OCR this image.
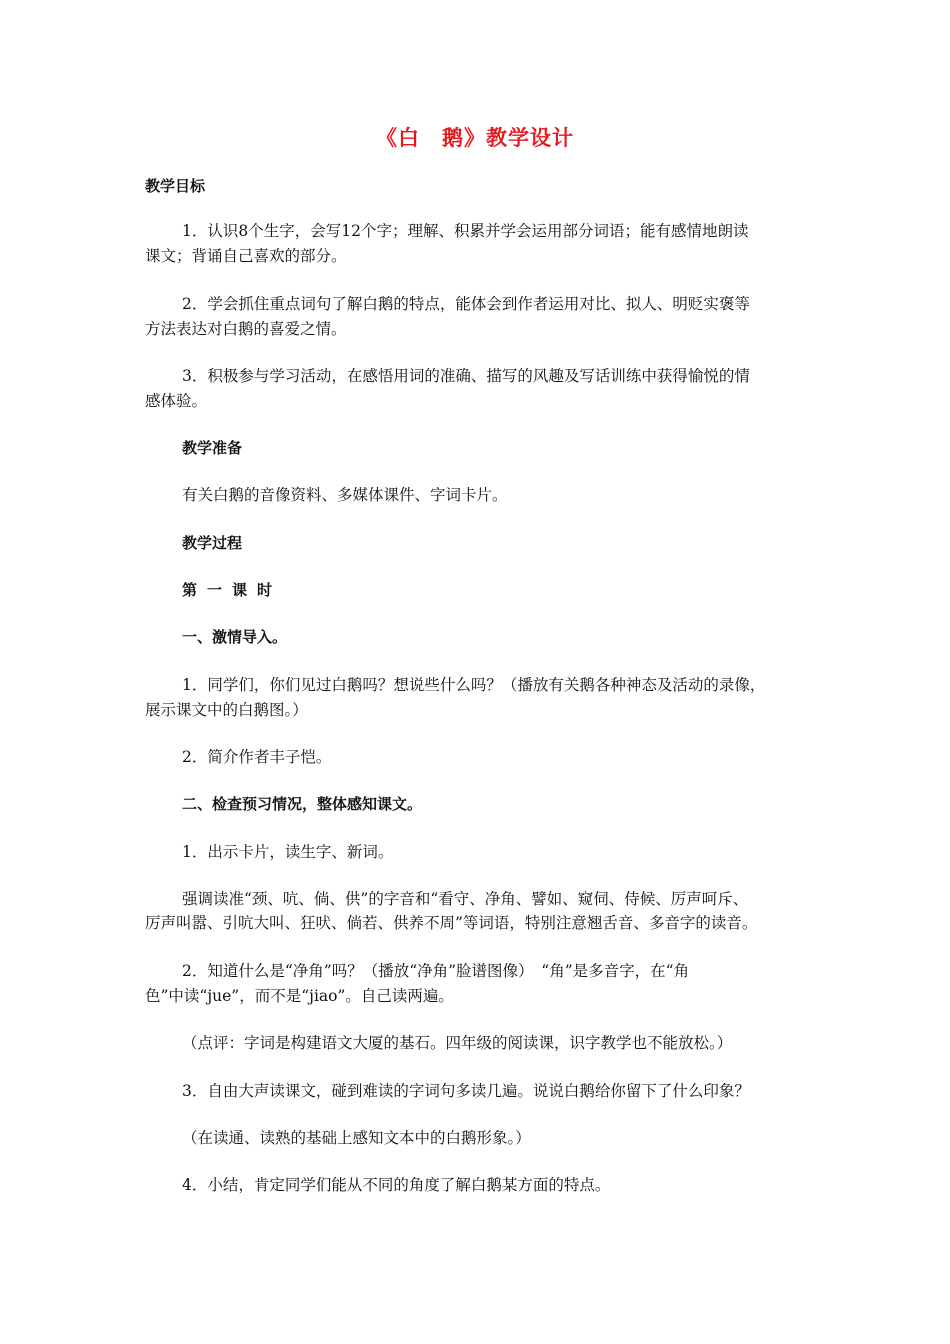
《白　鹅》教学设计
教学目标
1．认识8个生字，会写12个字；理解、积累并学会运用部分词语；能有感情地朗读
课文；背诵自己喜欢的部分。
2．学会抓住重点词句了解白鹅的特点，能体会到作者运用对比、拟人、明贬实褒等
方法表达对白鹅的喜爱之情。
3．积极参与学习活动，在感悟用词的准确、描写的风趣及写话训练中获得愉悦的情
感体验。
教学准备
有关白鹅的音像资料、多媒体课件、字词卡片。
教学过程
第一课时
一、激情导入。
1．同学们，你们见过白鹅吗？想说些什么吗？（播放有关鹅各种神态及活动的录像，
展示课文中的白鹅图。）
2．简介作者丰子恺。
二、检查预习情况，整体感知课文。
1．出示卡片，读生字、新词。
强调读准“颈、吭、倘、供”的字音和“看守、净角、譬如、窥伺、侍候、厉声呵斥、
厉声叫嚣、引吭大叫、狂吠、倘若、供养不周”等词语，特别注意翘舌音、多音字的读音。
2．知道什么是“净角”吗？（播放“净角”脸谱图像）　“角”是多音字，在“角
色”中读“jue”，而不是“jiao”。自己读两遍。
（点评：字词是构建语文大厦的基石。四年级的阅读课，识字教学也不能放松。）
3．自由大声读课文，碰到难读的字词句多读几遍。说说白鹅给你留下了什么印象？
（在读通、读熟的基础上感知文本中的白鹅形象。）
4．小结，肯定同学们能从不同的角度了解白鹅某方面的特点。
